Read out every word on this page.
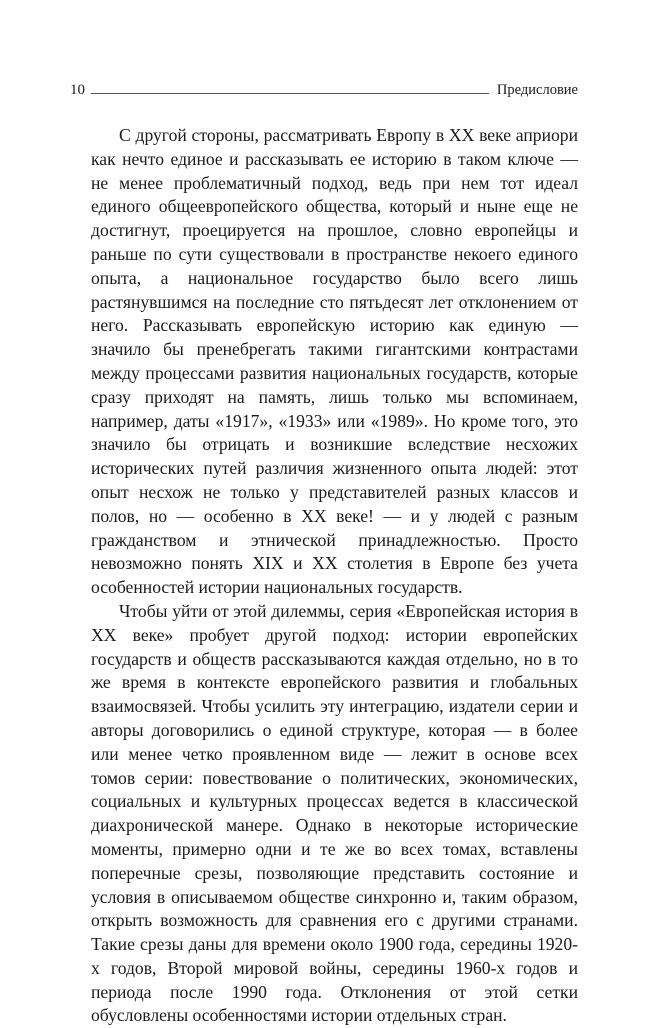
10	Предисловие

С другой стороны, рассматривать Европу в XX веке априори как нечто единое и рассказывать ее историю в таком ключе — не менее проблематичный подход, ведь при нем тот идеал единого общеевропейского общества, который и ныне еще не достигнут, проецируется на прошлое, словно европейцы и раньше по сути существовали в пространстве некоего единого опыта, а национальное государство было всего лишь растянувшимся на последние сто пятьдесят лет отклонением от него. Рассказывать европейскую историю как единую — значило бы пренебрегать такими гигантскими контрастами между процессами развития национальных государств, которые сразу приходят на память, лишь только мы вспоминаем, например, даты «1917», «1933» или «1989». Но кроме того, это значило бы отрицать и возникшие вследствие несхожих исторических путей различия жизненного опыта людей: этот опыт несхож не только у представителей разных классов и полов, но — особенно в XX веке! — и у людей с разным гражданством и этнической принадлежностью. Просто невозможно понять XIX и XX столетия в Европе без учета особенностей истории национальных государств.

Чтобы уйти от этой дилеммы, серия «Европейская история в XX веке» пробует другой подход: истории европейских государств и обществ рассказываются каждая отдельно, но в то же время в контексте европейского развития и глобальных взаимосвязей. Чтобы усилить эту интеграцию, издатели серии и авторы договорились о единой структуре, которая — в более или менее четко проявленном виде — лежит в основе всех томов серии: повествование о политических, экономических, социальных и культурных процессах ведется в классической диахронической манере. Однако в некоторые исторические моменты, примерно одни и те же во всех томах, вставлены поперечные срезы, позволяющие представить состояние и условия в описываемом обществе синхронно и, таким образом, открыть возможность для сравнения его с другими странами. Такие срезы даны для времени около 1900 года, середины 1920-х годов, Второй мировой войны, середины 1960-х годов и периода после 1990 года. Отклонения от этой сетки обусловлены особенностями истории отдельных стран.
